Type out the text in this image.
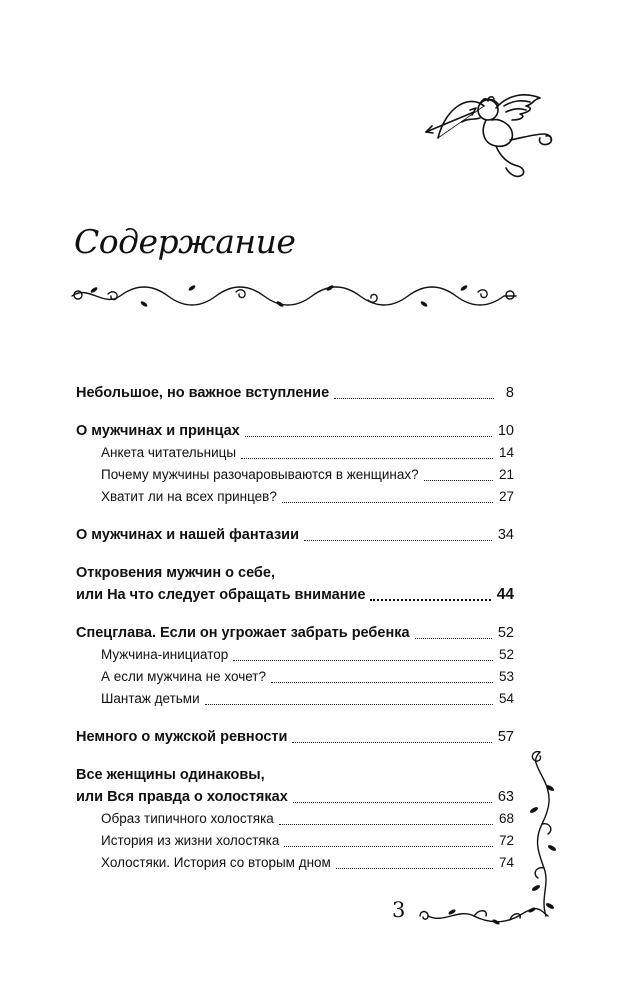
Содержание
Небольшое, но важное вступление	8
О мужчинах и принцах	10
Анкета читательницы	14
Почему мужчины разочаровываются в женщинах?	21
Хватит ли на всех принцев?	27
О мужчинах и нашей фантазии	34
Откровения мужчин о себе,
или На что следует обращать внимание	44
Спецглава. Если он угрожает забрать ребенка	52
Мужчина-инициатор	52
А если мужчина не хочет?	53
Шантаж детьми	54
Немного о мужской ревности	57
Все женщины одинаковы,
или Вся правда о холостяках	63
Образ типичного холостяка	68
История из жизни холостяка	72
Холостяки. История со вторым дном	74
3
